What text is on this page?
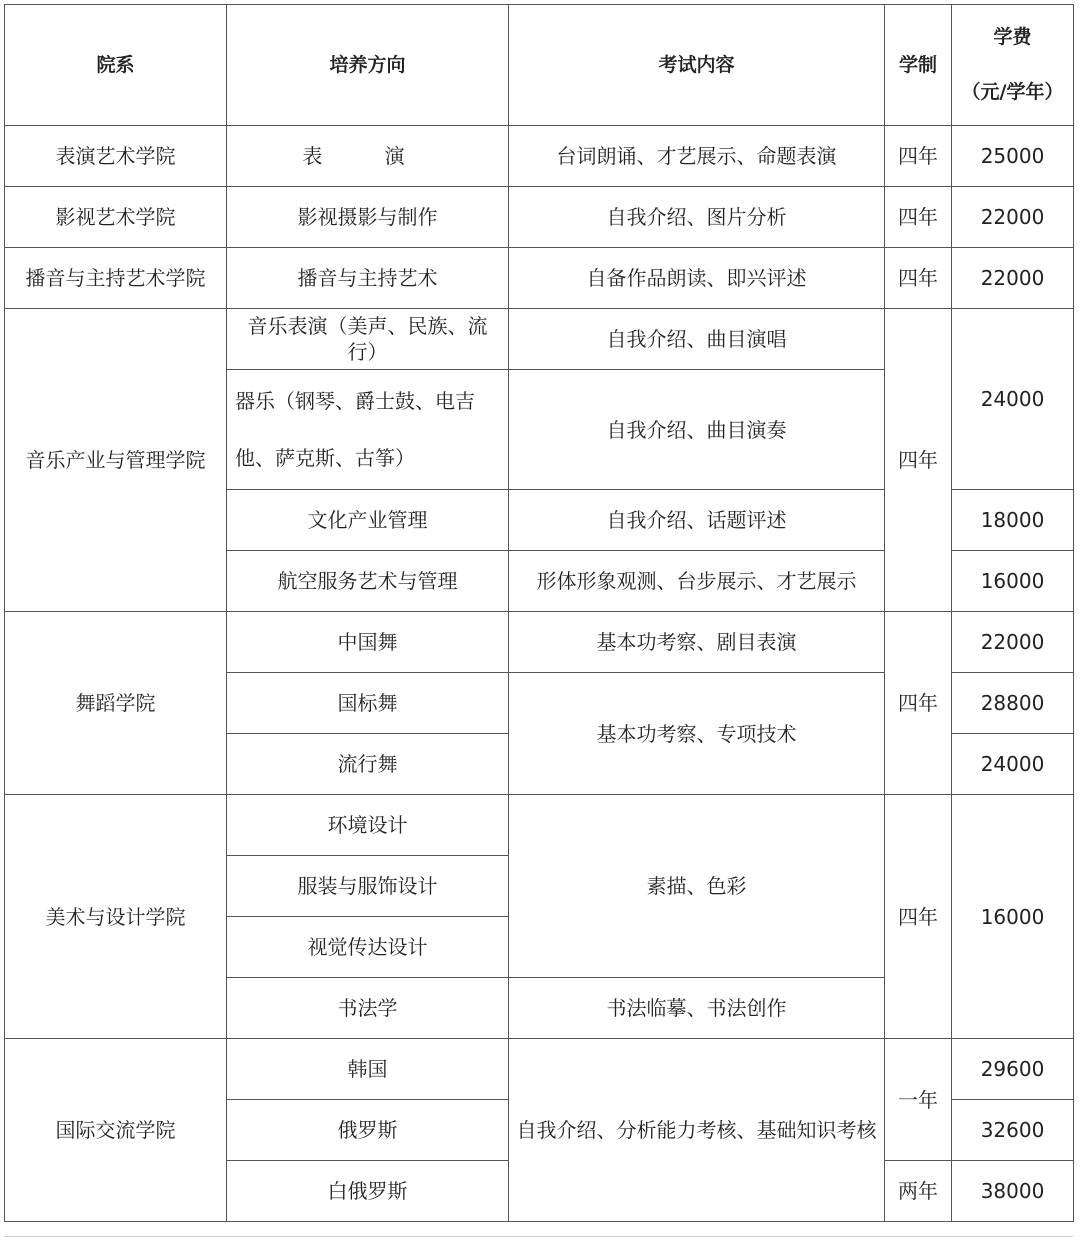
院系	培养方向	考试内容	学制	学费
（元/学年）
表演艺术学院	表 演	台词朗诵、才艺展示、命题表演	四年	25000
影视艺术学院	影视摄影与制作	自我介绍、图片分析	四年	22000
播音与主持艺术学院	播音与主持艺术	自备作品朗读、即兴评述	四年	22000
音乐产业与管理学院	音乐表演（美声、民族、流行）	自我介绍、曲目演唱	四年	24000
	器乐（钢琴、爵士鼓、电吉他、萨克斯、古筝）	自我介绍、曲目演奏		
	文化产业管理	自我介绍、话题评述		18000
	航空服务艺术与管理	形体形象观测、台步展示、才艺展示		16000
舞蹈学院	中国舞	基本功考察、剧目表演	四年	22000
	国标舞	基本功考察、专项技术		28800
	流行舞			24000
美术与设计学院	环境设计	素描、色彩	四年	16000
	服装与服饰设计			
	视觉传达设计			
	书法学	书法临摹、书法创作		
国际交流学院	韩国	自我介绍、分析能力考核、基础知识考核	一年	29600
	俄罗斯			32600
	白俄罗斯		两年	38000
